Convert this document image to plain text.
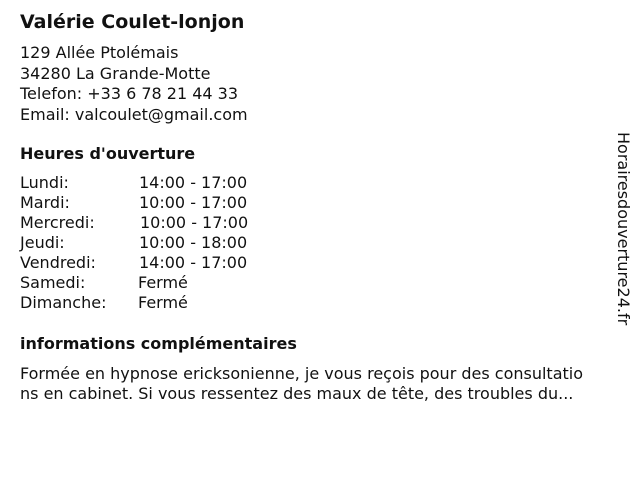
Valérie Coulet-lonjon
129 Allée Ptolémais
34280 La Grande-Motte
Telefon: +33 6 78 21 44 33
Email: valcoulet@gmail.com
Heures d'ouverture
Lundi:	14:00 - 17:00
Mardi:	10:00 - 17:00
Mercredi:	10:00 - 17:00
Jeudi:	10:00 - 18:00
Vendredi:	14:00 - 17:00
Samedi:	Fermé
Dimanche: Fermé
informations complémentaires
Formée en hypnose ericksonienne, je vous reçois pour des consultatio
ns en cabinet. Si vous ressentez des maux de tête, des troubles du...
Horairesdouverture24.fr
